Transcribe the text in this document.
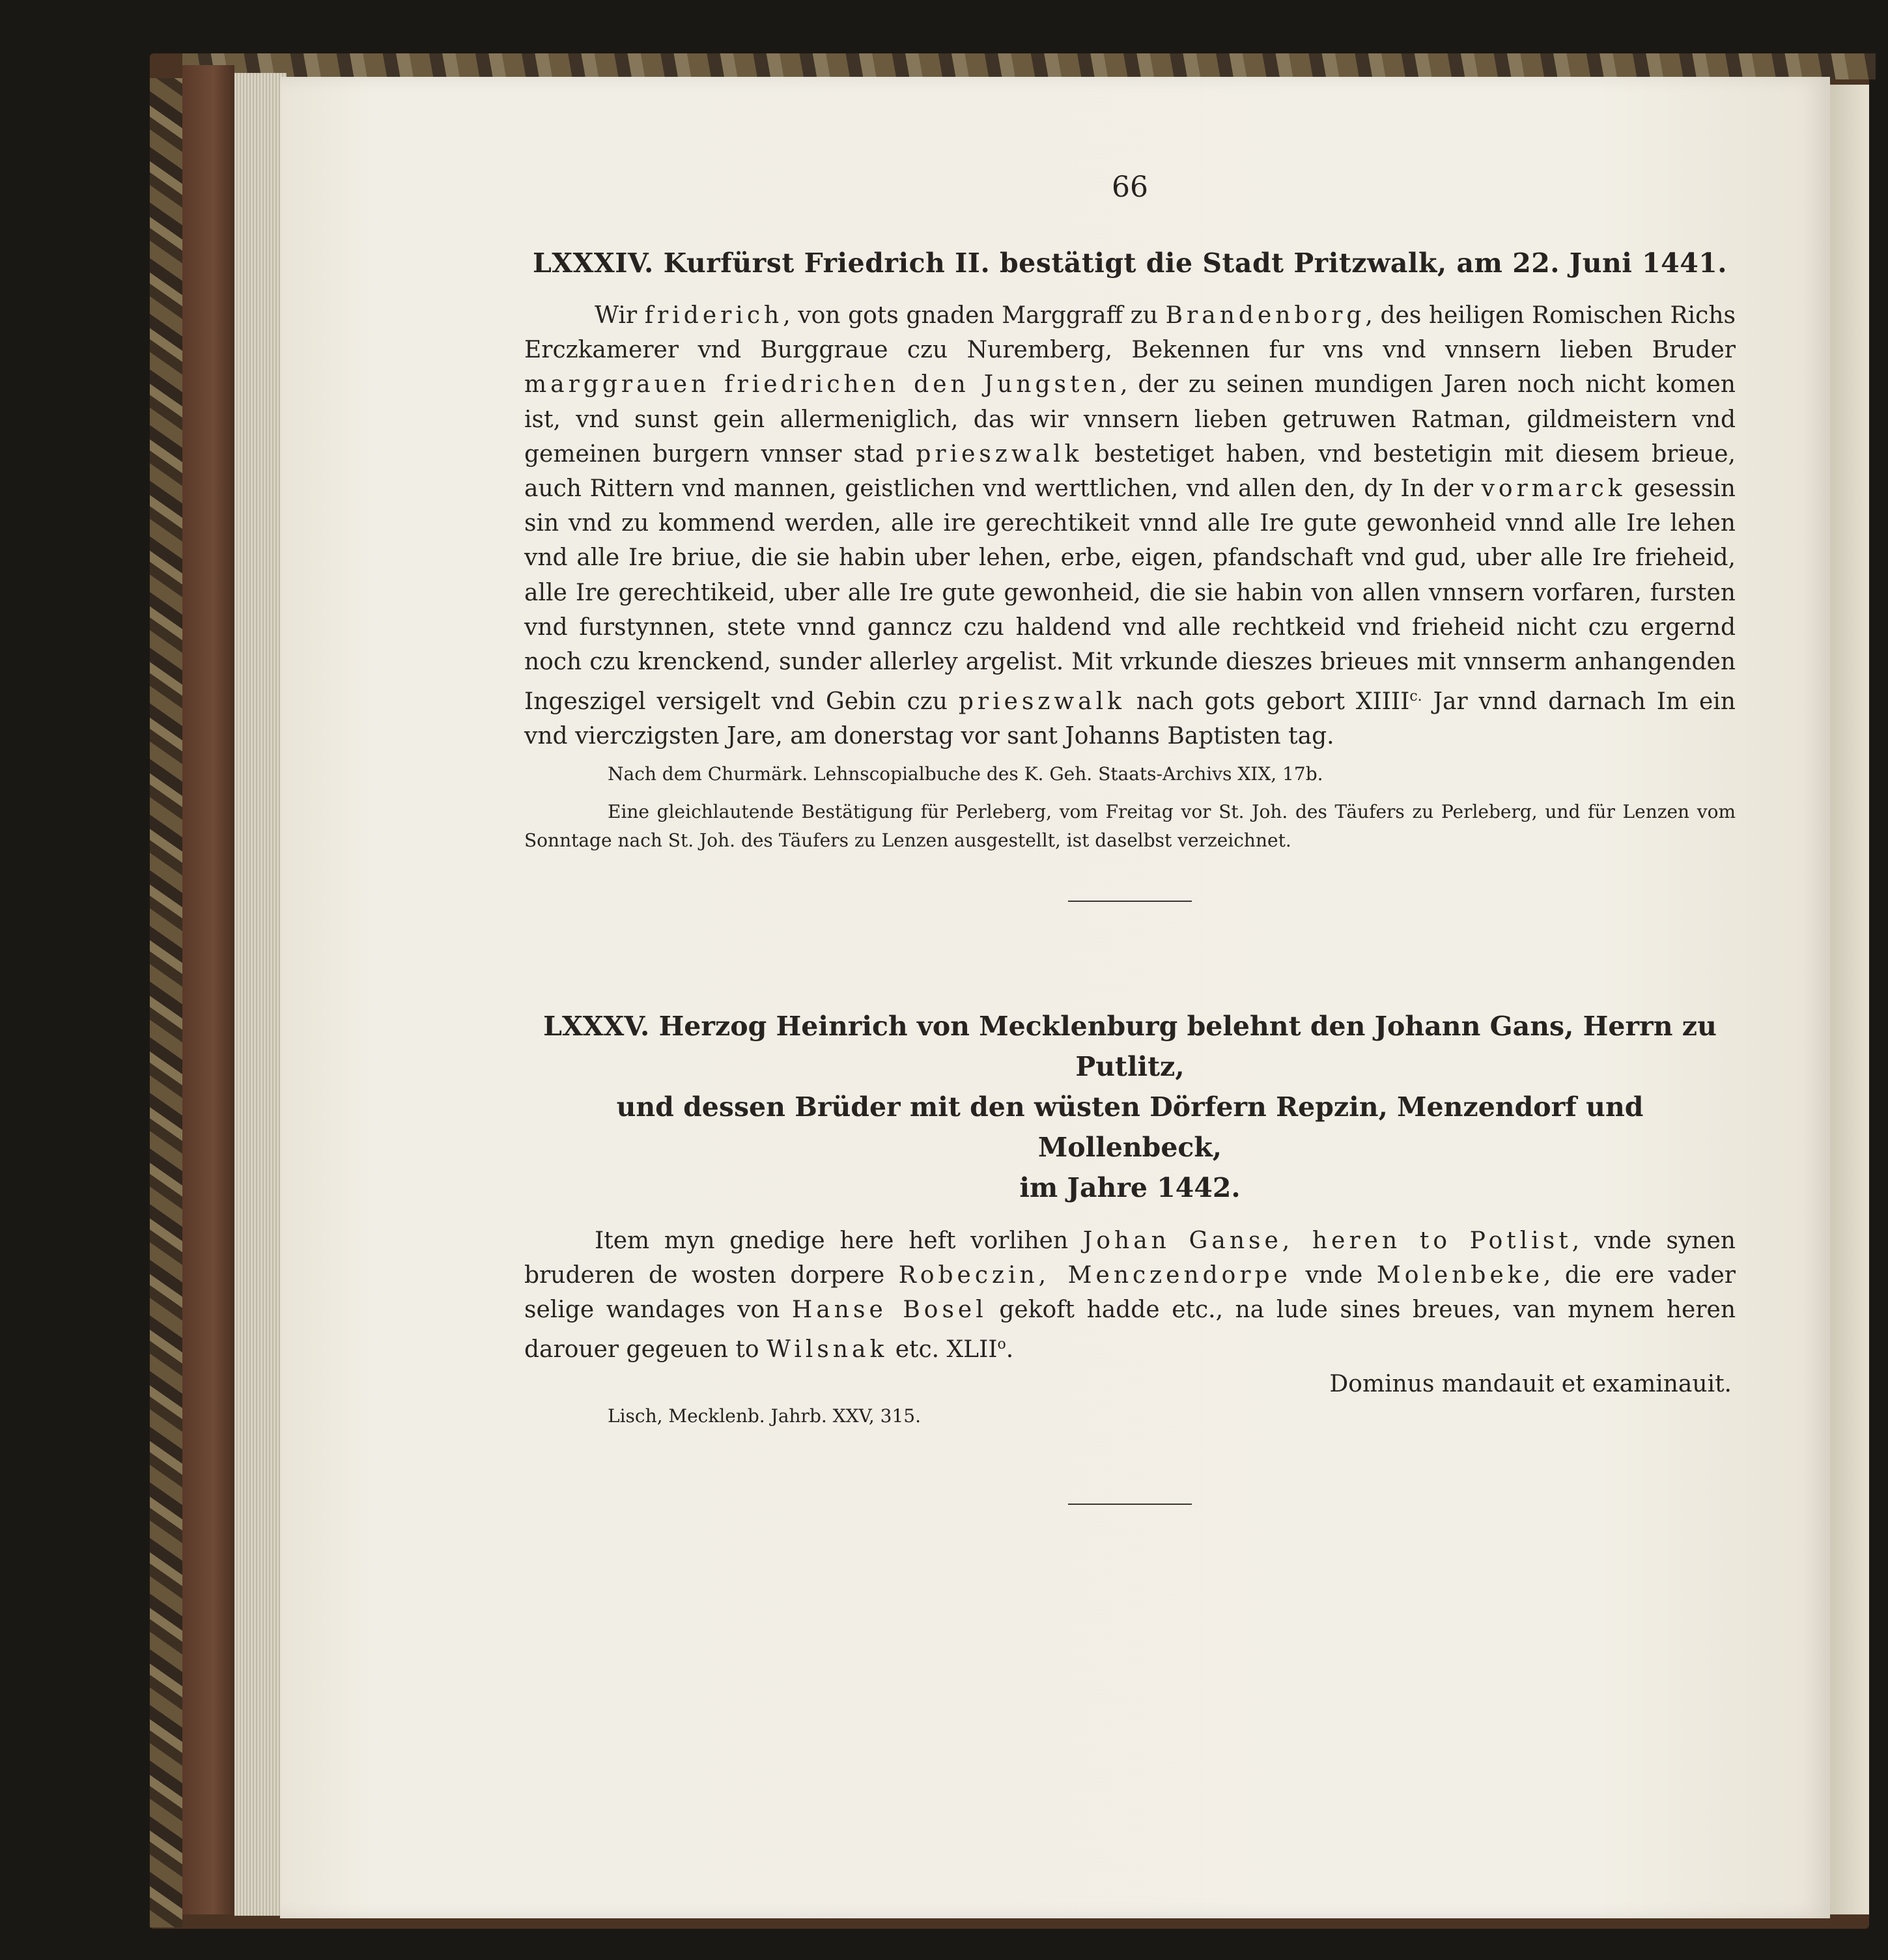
66
LXXXIV. Kurfürst Friedrich II. bestätigt die Stadt Pritzwalk, am 22. Juni 1441.

Wir friderich, von gots gnaden Marggraff zu Brandenborg, des heiligen Romischen Richs Erczkamerer vnd Burggraue czu Nuremberg, Bekennen fur vns vnd vnnsern lieben Bruder marggrauen friedrichen den Jungsten, der zu seinen mundigen Jaren noch nicht komen ist, vnd sunst gein allermeniglich, das wir vnnsern lieben getruwen Ratman, gildmeistern vnd gemeinen burgern vnnser stad prieszwalk bestetiget haben, vnd bestetigin mit diesem brieue, auch Rittern vnd mannen, geistlichen vnd werttlichen, vnd allen den, dy In der vormarck gesessin sin vnd zu kommend werden, alle ire gerechtikeit vnnd alle Ire gute gewonheid vnnd alle Ire lehen vnd alle Ire briue, die sie habin uber lehen, erbe, eigen, pfandschaft vnd gud, uber alle Ire frieheid, alle Ire gerechtikeid, uber alle Ire gute gewonheid, die sie habin von allen vnnsern vorfaren, fursten vnd furstynnen, stete vnnd ganncz czu haldend vnd alle rechtkeid vnd frieheid nicht czu ergernd noch czu krenckend, sunder allerley argelist. Mit vrkunde dieszes brieues mit vnnserm anhangenden Ingeszigel versigelt vnd Gebin czu prieszwalk nach gots gebort $XIIII^{c.}$ Jar vnnd darnach Im ein vnd vierczigsten Jare, am donerstag vor sant Johanns Baptisten tag.

Nach dem Churmärk. Lehnscopialbuche des K. Geh. Staats-Archivs XIX, 17b.
Eine gleichlautende Bestätigung für Perleberg, vom Freitag vor St. Joh. des Täufers zu Perleberg, und für Lenzen vom Sonntage nach St. Joh. des Täufers zu Lenzen ausgestellt, ist daselbst verzeichnet.
LXXXV. Herzog Heinrich von Mecklenburg belehnt den Johann Gans, Herrn zu Putlitz,
und dessen Brüder mit den wüsten Dörfern Repzin, Menzendorf und Mollenbeck,
im Jahre 1442.

Item myn gnedige here heft vorlihen Johan Ganse, heren to Potlist, vnde synen bruderen de wosten dorpere Robeczin, Menczendorpe vnde Molenbeke, die ere vader selige wandages von Hanse Bosel gekoft hadde etc., na lude sines breues, van mynem heren darouer gegeuen to Wilsnak etc. XLII$^o$.

Dominus mandauit et examinauit.
Lisch, Mecklenb. Jahrb. XXV, 315.
